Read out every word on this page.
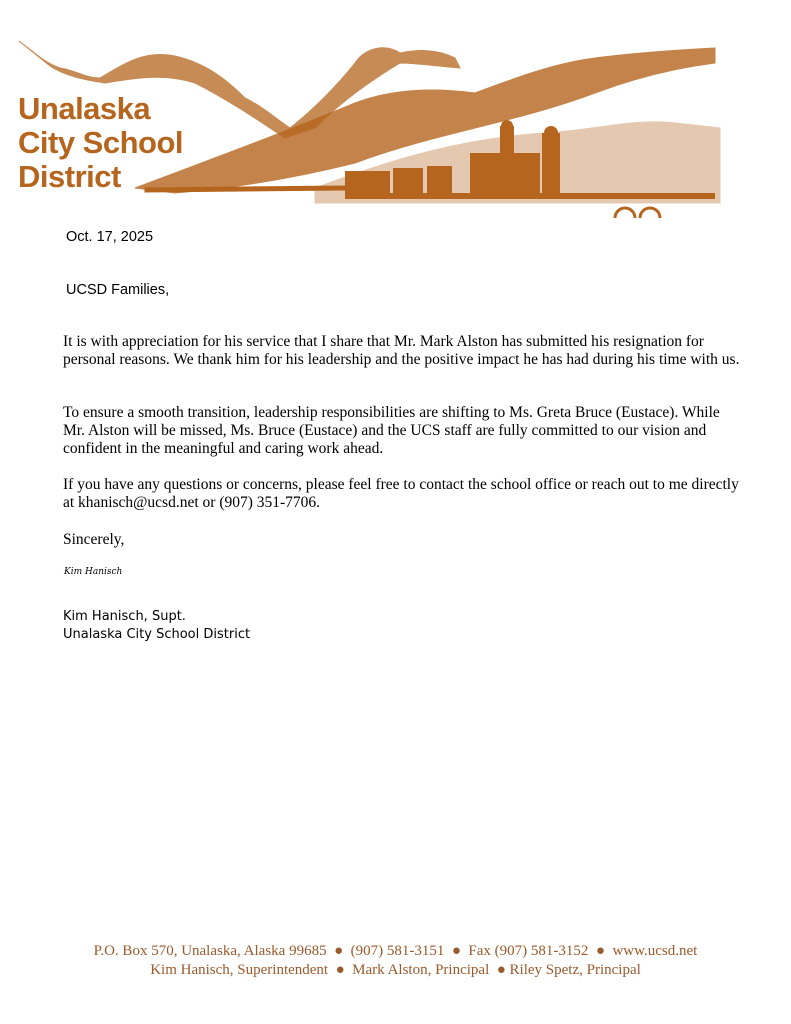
Unalaska
City School
District
Oct. 17, 2025
UCSD Families,

It is with appreciation for his service that I share that Mr. Mark Alston has submitted his resignation for personal reasons. We thank him for his leadership and the positive impact he has had during his time with us.

To ensure a smooth transition, leadership responsibilities are shifting to Ms. Greta Bruce (Eustace). While Mr. Alston will be missed, Ms. Bruce (Eustace) and the UCS staff are fully committed to our vision and confident in the meaningful and caring work ahead.

If you have any questions or concerns, please feel free to contact the school office or reach out to me directly at khanisch@ucsd.net or (907) 351-7706.

Sincerely,
Kim Hanisch
Kim Hanisch, Supt.
Unalaska City School District
P.O. Box 570, Unalaska, Alaska 99685  ●  (907) 581-3151  ●  Fax (907) 581-3152  ●  www.ucsd.net
Kim Hanisch, Superintendent  ●  Mark Alston, Principal  ● Riley Spetz, Principal
